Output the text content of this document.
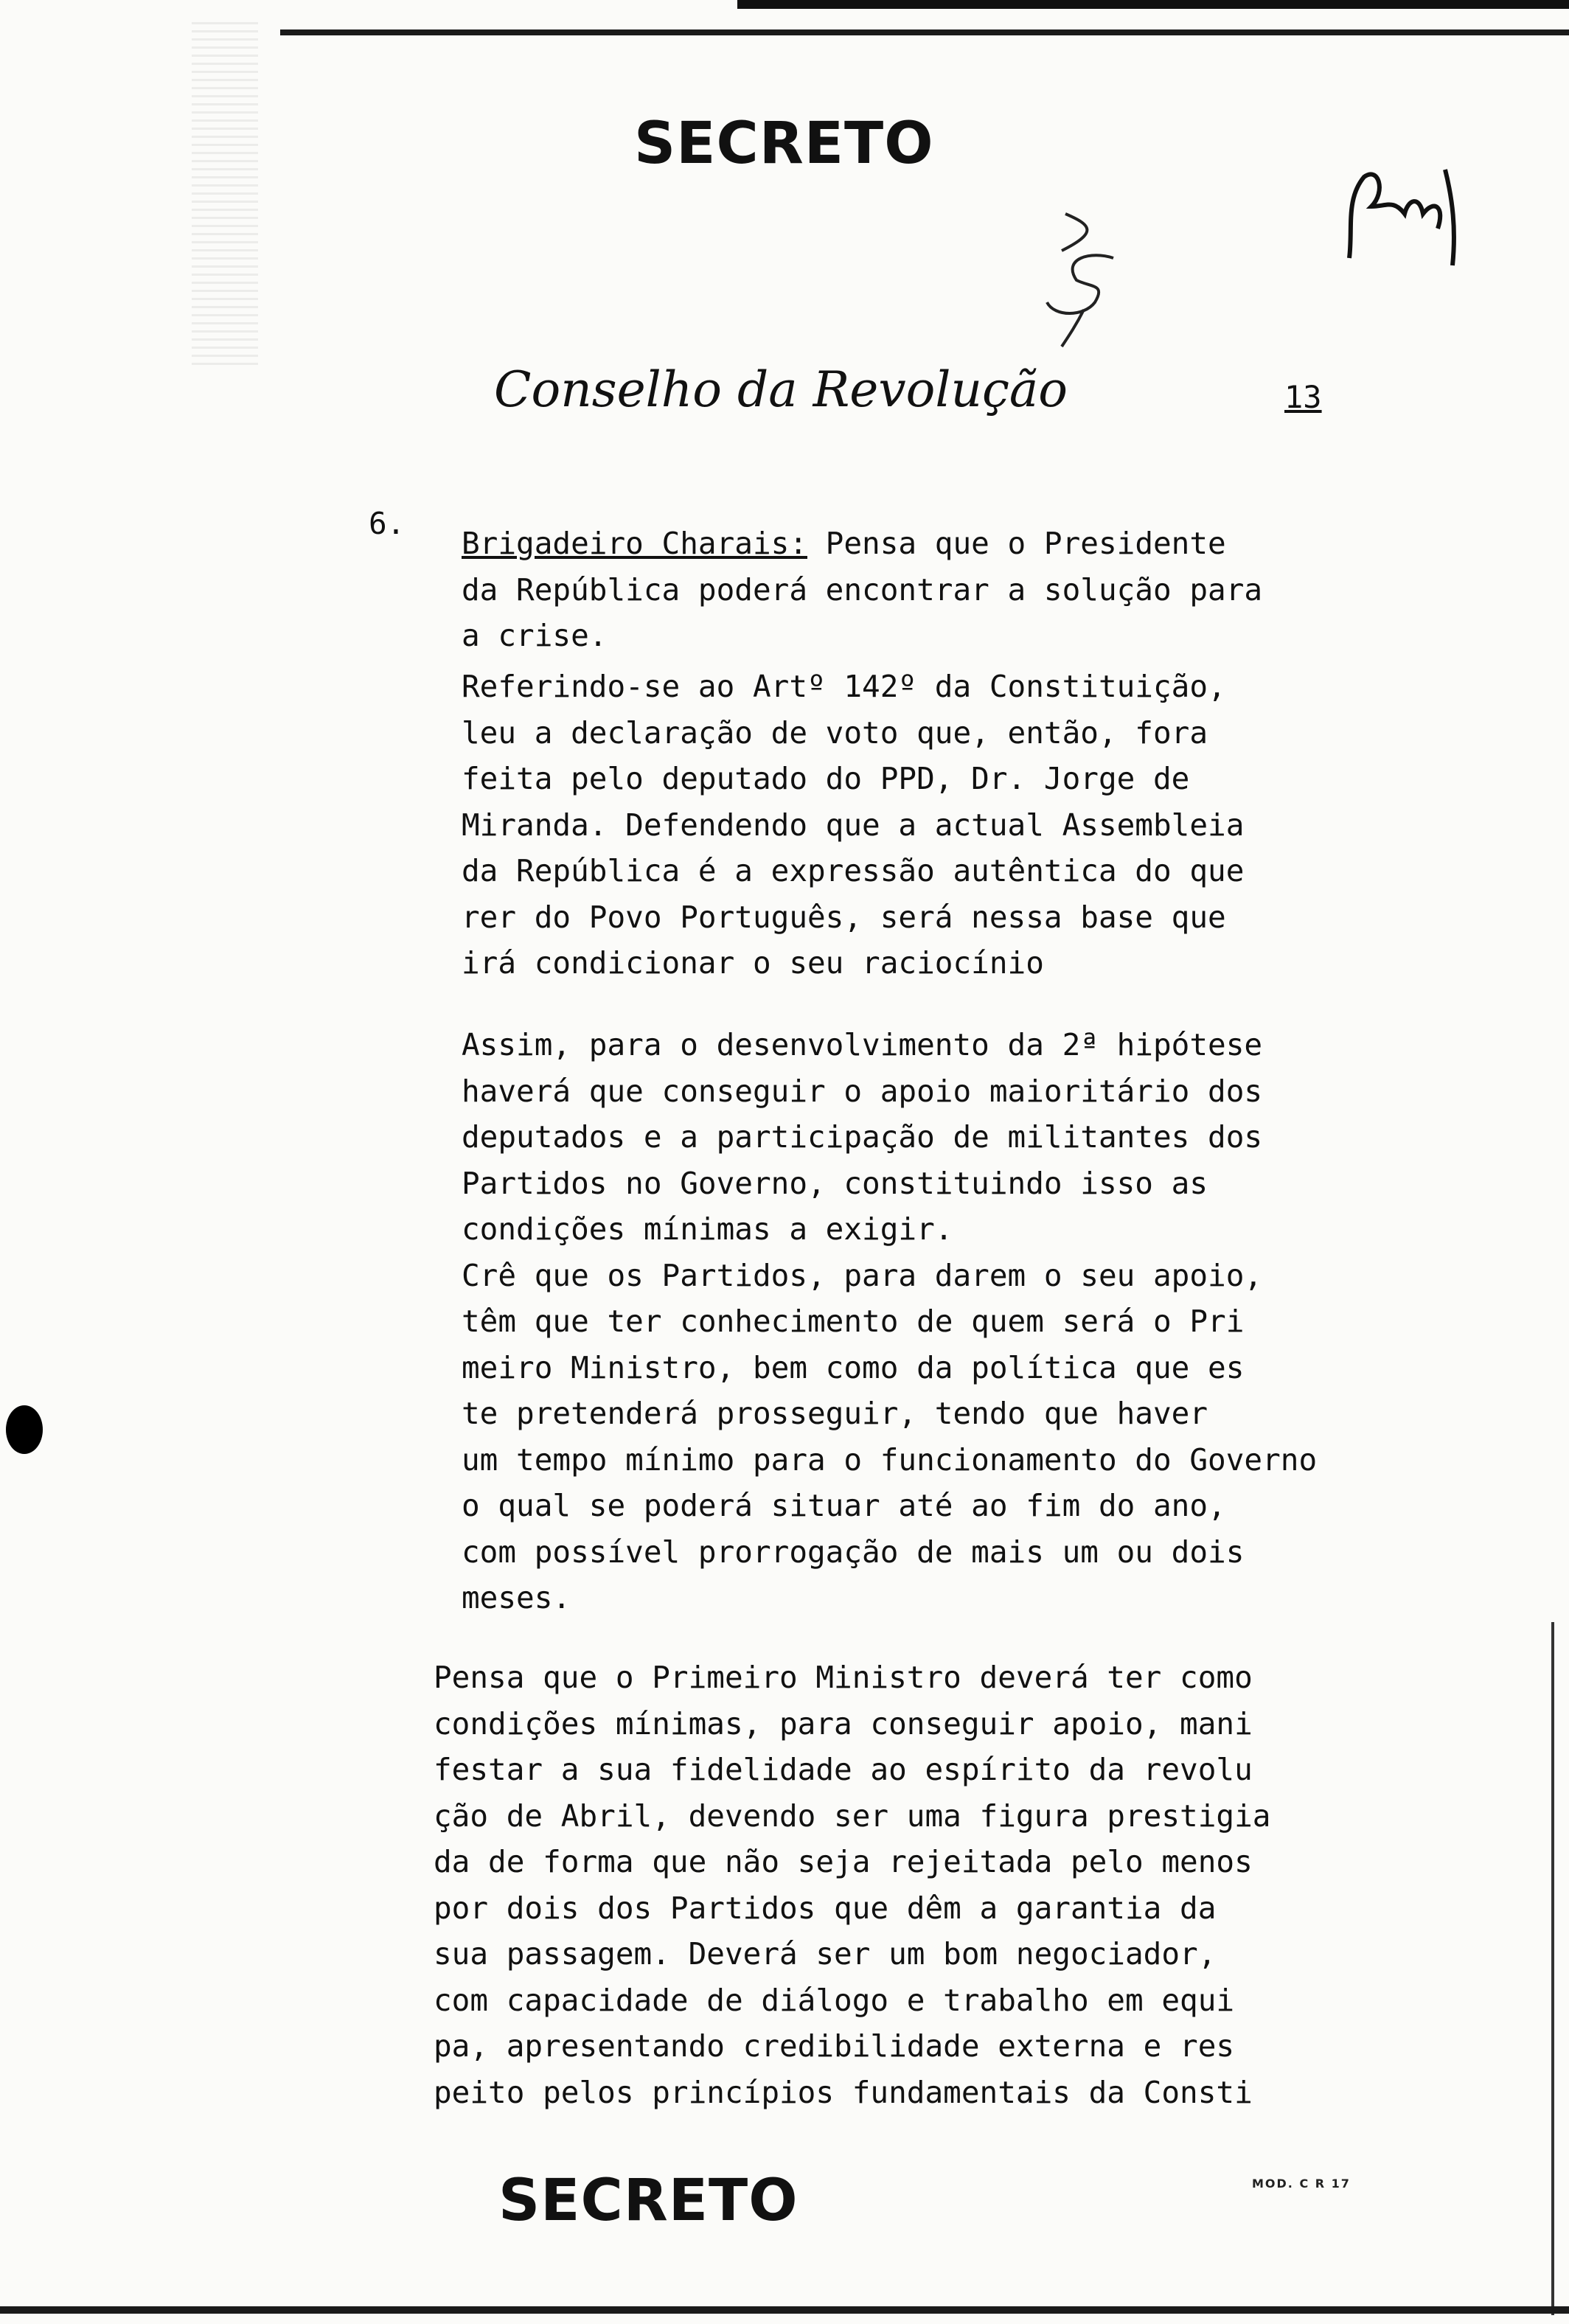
SECRETO
Conselho da Revolução	13
6.
Brigadeiro Charais: Pensa que o Presidente
da República poderá encontrar a solução para
a crise.
Referindo-se ao Artº 142º da Constituição,
leu a declaração de voto que, então, fora
feita pelo deputado do PPD, Dr. Jorge de
Miranda. Defendendo que a actual Assembleia
da República é a expressão autêntica do que
rer do Povo Português, será nessa base que
irá condicionar o seu raciocínio
Assim, para o desenvolvimento da 2ª hipótese
haverá que conseguir o apoio maioritário dos
deputados e a participação de militantes dos
Partidos no Governo, constituindo isso as
condições mínimas a exigir.
Crê que os Partidos, para darem o seu apoio,
têm que ter conhecimento de quem será o Pri
meiro Ministro, bem como da política que es
te pretenderá prosseguir, tendo que haver
um tempo mínimo para o funcionamento do Governo
o qual se poderá situar até ao fim do ano,
com possível prorrogação de mais um ou dois
meses.
Pensa que o Primeiro Ministro deverá ter como
condições mínimas, para conseguir apoio, mani
festar a sua fidelidade ao espírito da revolu
ção de Abril, devendo ser uma figura prestigia
da de forma que não seja rejeitada pelo menos
por dois dos Partidos que dêm a garantia da
sua passagem. Deverá ser um bom negociador,
com capacidade de diálogo e trabalho em equi
pa, apresentando credibilidade externa e res
peito pelos princípios fundamentais da Consti
SECRETO	MOD. C R 17
